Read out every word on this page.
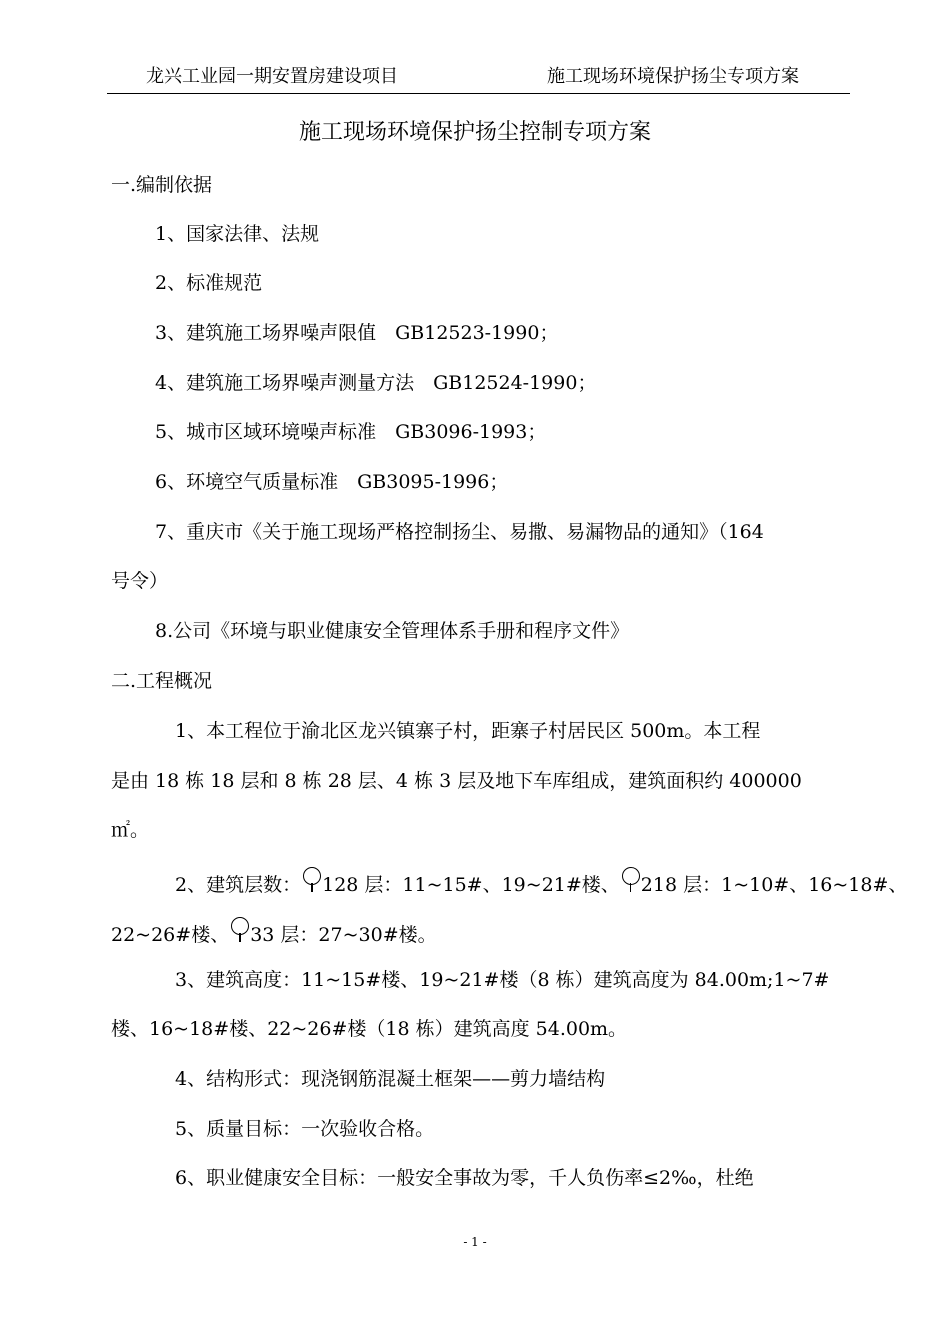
龙兴工业园一期安置房建设项目	施工现场环境保护扬尘专项方案
施工现场环境保护扬尘控制专项方案
一.编制依据
1、国家法律、法规
2、标准规范
3、建筑施工场界噪声限值　GB12523-1990；
4、建筑施工场界噪声测量方法　GB12524-1990；
5、城市区域环境噪声标准　GB3096-1993；
6、环境空气质量标准　GB3095-1996；
7、重庆市《关于施工现场严格控制扬尘、易撒、易漏物品的通知》（164
号令）
8.公司《环境与职业健康安全管理体系手册和程序文件》
二.工程概况
1、本工程位于渝北区龙兴镇寨子村，距寨子村居民区 500m。本工程
是由 18 栋 18 层和 8 栋 28 层、4 栋 3 层及地下车库组成，建筑面积约 400000
㎡。
2、建筑层数： 128 层：11~15#、19~21#楼、 218 层：1~10#、16~18#、
22~26#楼、 33 层：27~30#楼。
3、建筑高度：11~15#楼、19~21#楼（8 栋）建筑高度为 84.00m;1~7#
楼、16~18#楼、22~26#楼（18 栋）建筑高度 54.00m。
4、结构形式：现浇钢筋混凝土框架——剪力墙结构
5、质量目标：一次验收合格。
6、职业健康安全目标：一般安全事故为零，千人负伤率≤2‰，杜绝
- 1 -
